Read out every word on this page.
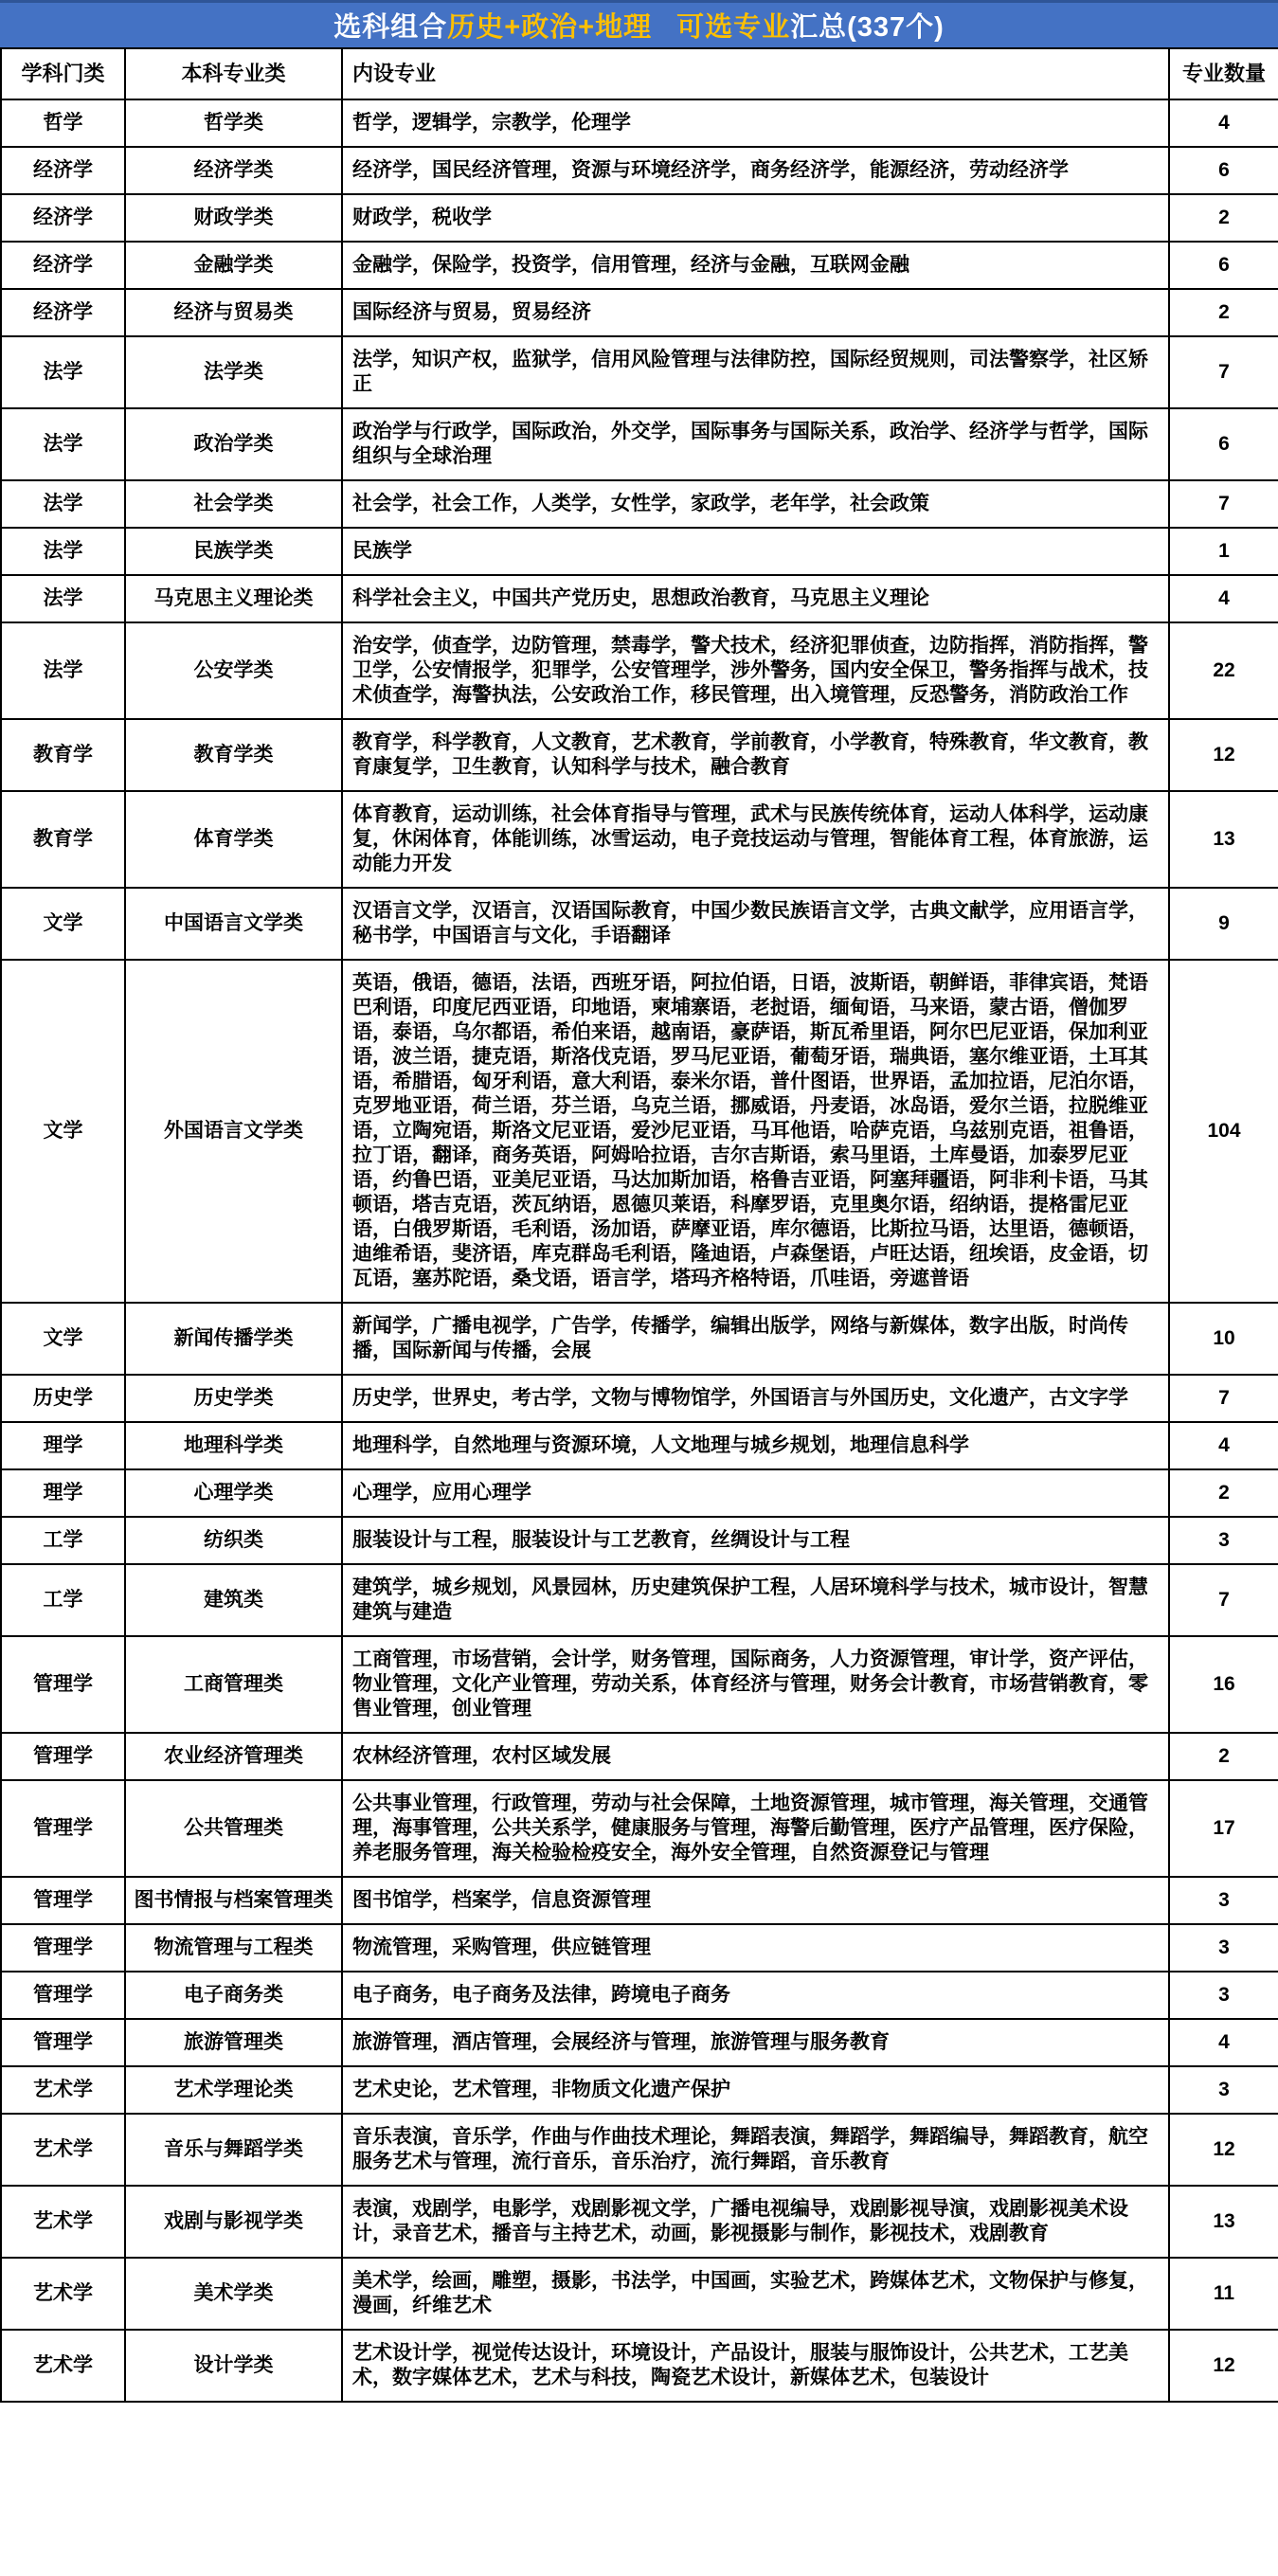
选科组合 历史+政治+地理 可选专业 汇总(337个)
学科门类	本科专业类	内设专业	专业数量
哲学	哲学类	哲学，逻辑学，宗教学，伦理学	4
经济学	经济学类	经济学，国民经济管理，资源与环境经济学，商务经济学，能源经济，劳动经济学	6
经济学	财政学类	财政学，税收学	2
经济学	金融学类	金融学，保险学，投资学，信用管理，经济与金融，互联网金融	6
经济学	经济与贸易类	国际经济与贸易，贸易经济	2
法学	法学类	法学，知识产权，监狱学，信用风险管理与法律防控，国际经贸规则，司法警察学，社区矫正	7
法学	政治学类	政治学与行政学，国际政治，外交学，国际事务与国际关系，政治学、经济学与哲学，国际组织与全球治理	6
法学	社会学类	社会学，社会工作，人类学，女性学，家政学，老年学，社会政策	7
法学	民族学类	民族学	1
法学	马克思主义理论类	科学社会主义，中国共产党历史，思想政治教育，马克思主义理论	4
法学	公安学类	治安学，侦查学，边防管理，禁毒学，警犬技术，经济犯罪侦查，边防指挥，消防指挥，警卫学，公安情报学，犯罪学，公安管理学，涉外警务，国内安全保卫，警务指挥与战术，技术侦查学，海警执法，公安政治工作，移民管理，出入境管理，反恐警务，消防政治工作	22
教育学	教育学类	教育学，科学教育，人文教育，艺术教育，学前教育，小学教育，特殊教育，华文教育，教育康复学，卫生教育，认知科学与技术，融合教育	12
教育学	体育学类	体育教育，运动训练，社会体育指导与管理，武术与民族传统体育，运动人体科学，运动康复，休闲体育，体能训练，冰雪运动，电子竞技运动与管理，智能体育工程，体育旅游，运动能力开发	13
文学	中国语言文学类	汉语言文学，汉语言，汉语国际教育，中国少数民族语言文学，古典文献学，应用语言学，秘书学，中国语言与文化，手语翻译	9
文学	外国语言文学类	英语，俄语，德语，法语，西班牙语，阿拉伯语，日语，波斯语，朝鲜语，菲律宾语，梵语巴利语，印度尼西亚语，印地语，柬埔寨语，老挝语，缅甸语，马来语，蒙古语，僧伽罗语，泰语，乌尔都语，希伯来语，越南语，豪萨语，斯瓦希里语，阿尔巴尼亚语，保加利亚语，波兰语，捷克语，斯洛伐克语，罗马尼亚语，葡萄牙语，瑞典语，塞尔维亚语，土耳其语，希腊语，匈牙利语，意大利语，泰米尔语，普什图语，世界语，孟加拉语，尼泊尔语，克罗地亚语，荷兰语，芬兰语，乌克兰语，挪威语，丹麦语，冰岛语，爱尔兰语，拉脱维亚语，立陶宛语，斯洛文尼亚语，爱沙尼亚语，马耳他语，哈萨克语，乌兹别克语，祖鲁语，拉丁语，翻译，商务英语，阿姆哈拉语，吉尔吉斯语，索马里语，土库曼语，加泰罗尼亚语，约鲁巴语，亚美尼亚语，马达加斯加语，格鲁吉亚语，阿塞拜疆语，阿非利卡语，马其顿语，塔吉克语，茨瓦纳语，恩德贝莱语，科摩罗语，克里奥尔语，绍纳语，提格雷尼亚语，白俄罗斯语，毛利语，汤加语，萨摩亚语，库尔德语，比斯拉马语，达里语，德顿语，迪维希语，斐济语，库克群岛毛利语，隆迪语，卢森堡语，卢旺达语，纽埃语，皮金语，切瓦语，塞苏陀语，桑戈语，语言学，塔玛齐格特语，爪哇语，旁遮普语	104
文学	新闻传播学类	新闻学，广播电视学，广告学，传播学，编辑出版学，网络与新媒体，数字出版，时尚传播，国际新闻与传播，会展	10
历史学	历史学类	历史学，世界史，考古学，文物与博物馆学，外国语言与外国历史，文化遗产，古文字学	7
理学	地理科学类	地理科学，自然地理与资源环境，人文地理与城乡规划，地理信息科学	4
理学	心理学类	心理学，应用心理学	2
工学	纺织类	服装设计与工程，服装设计与工艺教育，丝绸设计与工程	3
工学	建筑类	建筑学，城乡规划，风景园林，历史建筑保护工程，人居环境科学与技术，城市设计，智慧建筑与建造	7
管理学	工商管理类	工商管理，市场营销，会计学，财务管理，国际商务，人力资源管理，审计学，资产评估，物业管理，文化产业管理，劳动关系，体育经济与管理，财务会计教育，市场营销教育，零售业管理，创业管理	16
管理学	农业经济管理类	农林经济管理，农村区域发展	2
管理学	公共管理类	公共事业管理，行政管理，劳动与社会保障，土地资源管理，城市管理，海关管理，交通管理，海事管理，公共关系学，健康服务与管理，海警后勤管理，医疗产品管理，医疗保险，养老服务管理，海关检验检疫安全，海外安全管理，自然资源登记与管理	17
管理学	图书情报与档案管理类	图书馆学，档案学，信息资源管理	3
管理学	物流管理与工程类	物流管理，采购管理，供应链管理	3
管理学	电子商务类	电子商务，电子商务及法律，跨境电子商务	3
管理学	旅游管理类	旅游管理，酒店管理，会展经济与管理，旅游管理与服务教育	4
艺术学	艺术学理论类	艺术史论，艺术管理，非物质文化遗产保护	3
艺术学	音乐与舞蹈学类	音乐表演，音乐学，作曲与作曲技术理论，舞蹈表演，舞蹈学，舞蹈编导，舞蹈教育，航空服务艺术与管理，流行音乐，音乐治疗，流行舞蹈，音乐教育	12
艺术学	戏剧与影视学类	表演，戏剧学，电影学，戏剧影视文学，广播电视编导，戏剧影视导演，戏剧影视美术设计，录音艺术，播音与主持艺术，动画，影视摄影与制作，影视技术，戏剧教育	13
艺术学	美术学类	美术学，绘画，雕塑，摄影，书法学，中国画，实验艺术，跨媒体艺术，文物保护与修复，漫画，纤维艺术	11
艺术学	设计学类	艺术设计学，视觉传达设计，环境设计，产品设计，服装与服饰设计，公共艺术，工艺美术，数字媒体艺术，艺术与科技，陶瓷艺术设计，新媒体艺术，包装设计	12
